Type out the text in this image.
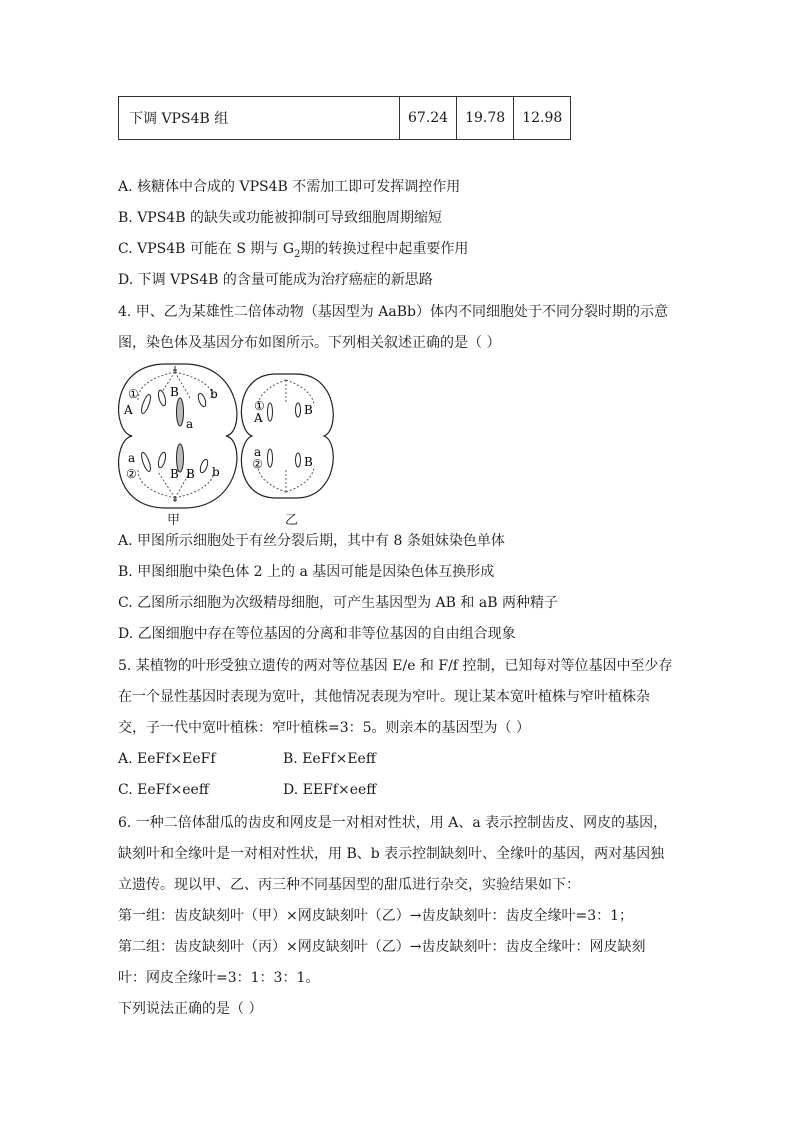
下调 VPS4B 组	67.24	19.78	12.98
A. 核糖体中合成的 VPS4B 不需加工即可发挥调控作用
B. VPS4B 的缺失或功能被抑制可导致细胞周期缩短
C. VPS4B 可能在 S 期与 $G_2$期的转换过程中起重要作用
D. 下调 VPS4B 的含量可能成为治疗癌症的新思路
4. 甲、乙为某雄性二倍体动物（基因型为 AaBb）体内不同细胞处于不同分裂时期的示意
图，染色体及基因分布如图所示。下列相关叙述正确的是（ ）
①
A
B
a
b
a
②	B B b
①
A
B
a
②	B
甲	乙
A. 甲图所示细胞处于有丝分裂后期，其中有 8 条姐妹染色单体
B. 甲图细胞中染色体 2 上的 a 基因可能是因染色体互换形成
C. 乙图所示细胞为次级精母细胞，可产生基因型为 AB 和 aB 两种精子
D. 乙图细胞中存在等位基因的分离和非等位基因的自由组合现象
5. 某植物的叶形受独立遗传的两对等位基因 E/e 和 F/f 控制，已知每对等位基因中至少存
在一个显性基因时表现为宽叶，其他情况表现为窄叶。现让某本宽叶植株与窄叶植株杂
交，子一代中宽叶植株：窄叶植株=3：5。则亲本的基因型为（ ）
A. EeFf×EeFf	B. EeFf×Eeff
C. EeFf×eeff	D. EEFf×eeff
6. 一种二倍体甜瓜的齿皮和网皮是一对相对性状，用 A、a 表示控制齿皮、网皮的基因，
缺刻叶和全缘叶是一对相对性状，用 B、b 表示控制缺刻叶、全缘叶的基因，两对基因独
立遗传。现以甲、乙、丙三种不同基因型的甜瓜进行杂交，实验结果如下：
第一组：齿皮缺刻叶（甲）×网皮缺刻叶（乙）→齿皮缺刻叶：齿皮全缘叶=3：1；
第二组：齿皮缺刻叶（丙）×网皮缺刻叶（乙）→齿皮缺刻叶：齿皮全缘叶：网皮缺刻
叶：网皮全缘叶=3：1：3：1。
下列说法正确的是（ ）
